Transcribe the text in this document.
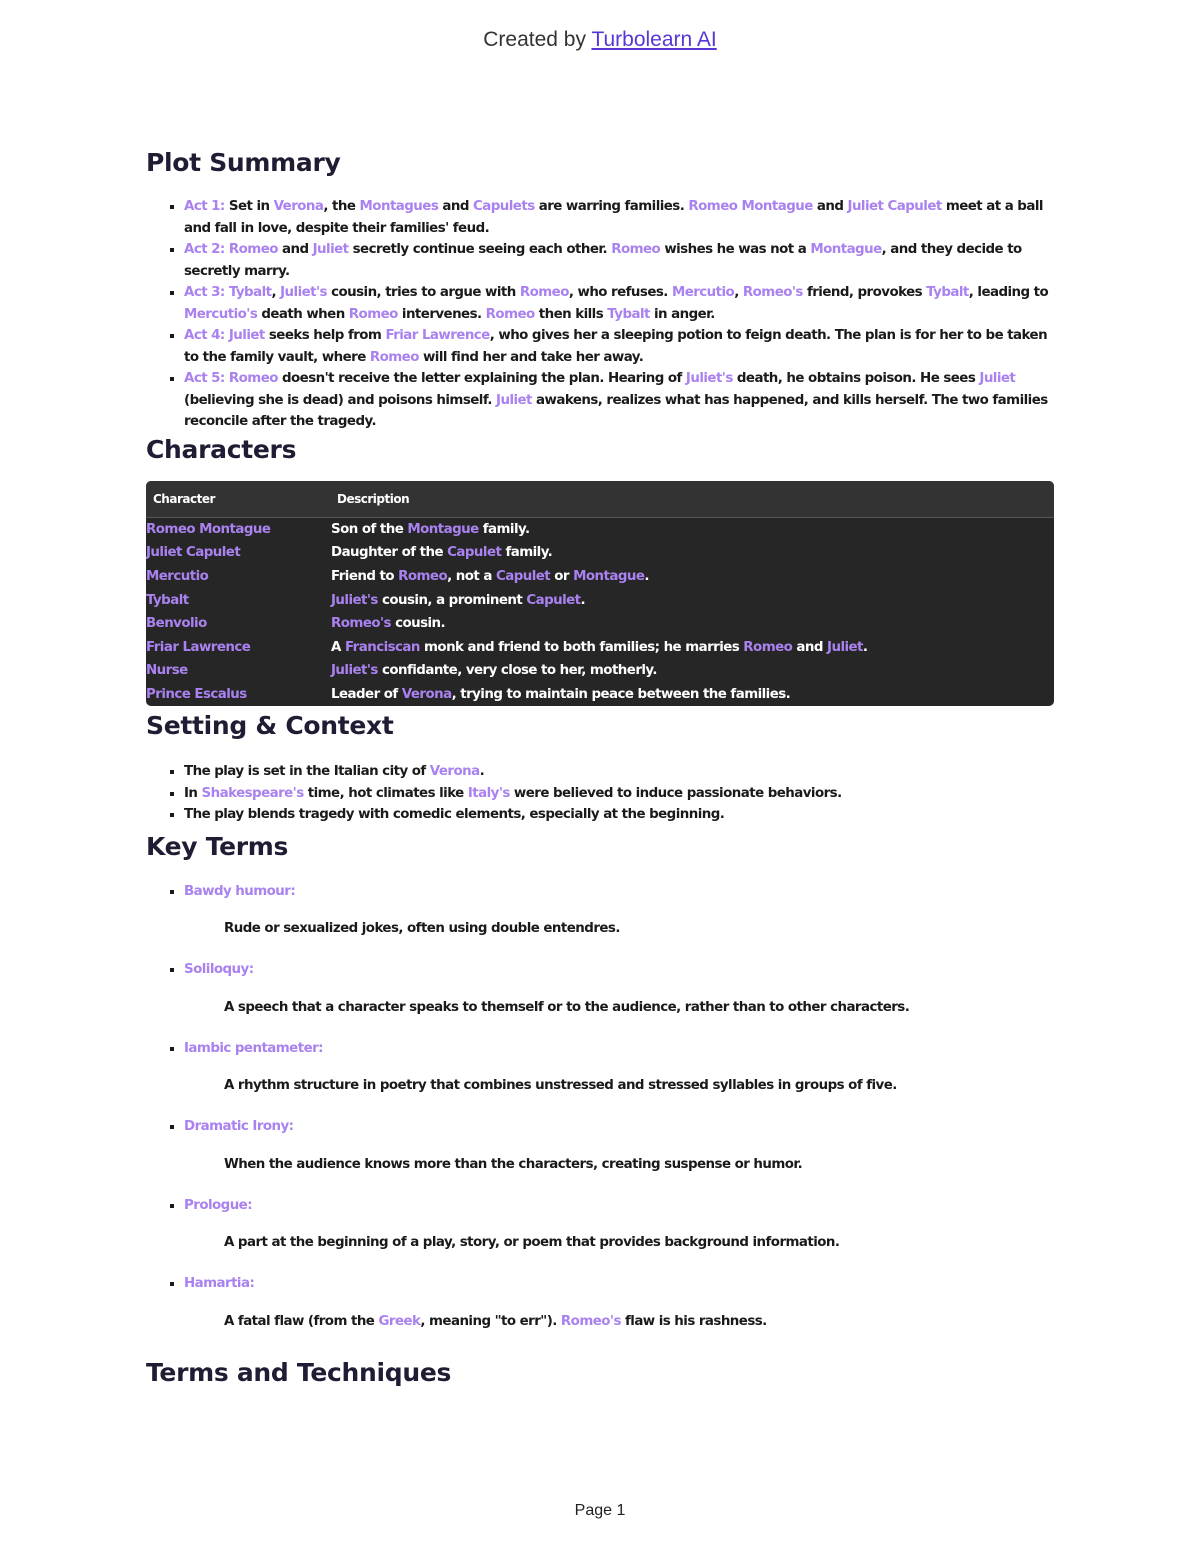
Created by Turbolearn AI
Plot Summary
▪ Act 1: Set in Verona, the Montagues and Capulets are warring families. Romeo Montague and Juliet Capulet meet at a ball and fall in love, despite their families' feud.
▪ Act 2: Romeo and Juliet secretly continue seeing each other. Romeo wishes he was not a Montague, and they decide to secretly marry.
▪ Act 3: Tybalt, Juliet's cousin, tries to argue with Romeo, who refuses. Mercutio, Romeo's friend, provokes Tybalt, leading to Mercutio's death when Romeo intervenes. Romeo then kills Tybalt in anger.
▪ Act 4: Juliet seeks help from Friar Lawrence, who gives her a sleeping potion to feign death. The plan is for her to be taken to the family vault, where Romeo will find her and take her away.
▪ Act 5: Romeo doesn't receive the letter explaining the plan. Hearing of Juliet's death, he obtains poison. He sees Juliet (believing she is dead) and poisons himself. Juliet awakens, realizes what has happened, and kills herself. The two families reconcile after the tragedy.
Characters
Character	Description
Romeo Montague	Son of the Montague family.
Juliet Capulet	Daughter of the Capulet family.
Mercutio	Friend to Romeo, not a Capulet or Montague.
Tybalt	Juliet's cousin, a prominent Capulet.
Benvolio	Romeo's cousin.
Friar Lawrence	A Franciscan monk and friend to both families; he marries Romeo and Juliet.
Nurse	Juliet's confidante, very close to her, motherly.
Prince Escalus	Leader of Verona, trying to maintain peace between the families.
Setting & Context
▪ The play is set in the Italian city of Verona.
▪ In Shakespeare's time, hot climates like Italy's were believed to induce passionate behaviors.
▪ The play blends tragedy with comedic elements, especially at the beginning.
Key Terms
▪ Bawdy humour:
Rude or sexualized jokes, often using double entendres.
▪ Soliloquy:
A speech that a character speaks to themself or to the audience, rather than to other characters.
▪ Iambic pentameter:
A rhythm structure in poetry that combines unstressed and stressed syllables in groups of five.
▪ Dramatic Irony:
When the audience knows more than the characters, creating suspense or humor.
▪ Prologue:
A part at the beginning of a play, story, or poem that provides background information.
▪ Hamartia:
A fatal flaw (from the Greek, meaning "to err"). Romeo's flaw is his rashness.
Terms and Techniques
Page 1
